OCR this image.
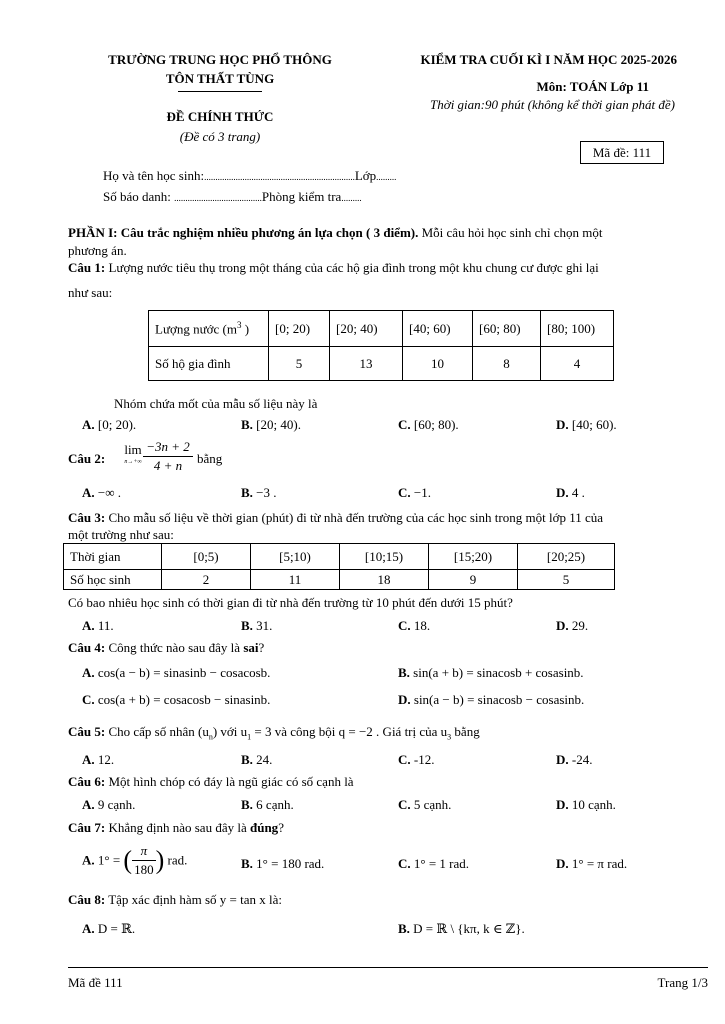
TRƯỜNG TRUNG HỌC PHỔ THÔNG
TÔN THẤT TÙNG
ĐỀ CHÍNH THỨC
(Đề có 3 trang)
KIỂM TRA CUỐI KÌ I NĂM HỌC 2025-2026
Môn: TOÁN Lớp 11
Thời gian:90 phút (không kể thời gian phát đề)
Mã đề: 111
Họ và tên học sinh:...................................................................Lớp.........
Số báo danh: .......................................Phòng kiểm tra.........
PHẦN I: Câu trắc nghiệm nhiều phương án lựa chọn ( 3 điểm). Mỗi câu hỏi học sinh chỉ chọn một
phương án.
Câu 1: Lượng nước tiêu thụ trong một tháng của các hộ gia đình trong một khu chung cư được ghi lại
như sau:
Lượng nước ($m^3$ )	[0; 20)	[20; 40)	[40; 60)	[60; 80)	[80; 100)
Số hộ gia đình	5	13	10	8	4
Nhóm chứa mốt của mẫu số liệu này là
A. [0; 20).	B. [20; 40).	C. [60; 80).	D. [40; 60).
Câu 2:
lim
n→+∞
−3n + 2
4 + n	bằng
A. −∞ .	B. −3 .	C. −1.	D. 4 .
Câu 3: Cho mẫu số liệu về thời gian (phút) đi từ nhà đến trường của các học sinh trong một lớp 11 của
một trường như sau:
Thời gian	[0;5)	[5;10)	[10;15)	[15;20)	[20;25)
Số học sinh	2	11	18	9	5
Có bao nhiêu học sinh có thời gian đi từ nhà đến trường từ 10 phút đến dưới 15 phút?
A. 11.	B. 31.	C. 18.	D. 29.
Câu 4: Công thức nào sau đây là sai?
A. cos(a − b) = sinasinb − cosacosb.	B. sin(a + b) = sinacosb + cosasinb.
C. cos(a + b) = cosacosb − sinasinb.	D. sin(a − b) = sinacosb − cosasinb.
Câu 5: Cho cấp số nhân $(u_n)$ với $u_1 = 3$ và công bội q = −2 . Giá trị của $u_3$ bằng
A. 12.	B. 24.	C. -12.	D. -24.
Câu 6: Một hình chóp có đáy là ngũ giác có số cạnh là
A. 9 cạnh.	B. 6 cạnh.	C. 5 cạnh.	D. 10 cạnh.
Câu 7: Khẳng định nào sau đây là đúng?
A. 1° = ( $\frac{\pi}{180}$ ) rad.	B. 1° = 180 rad.	C. 1° = 1 rad.	D. 1° = π rad.
Câu 8: Tập xác định hàm số y = tan x là:
A. D = ℝ.	B. D = ℝ \ {kπ, k ∈ ℤ}.
Mã đề 111	Trang 1/3
